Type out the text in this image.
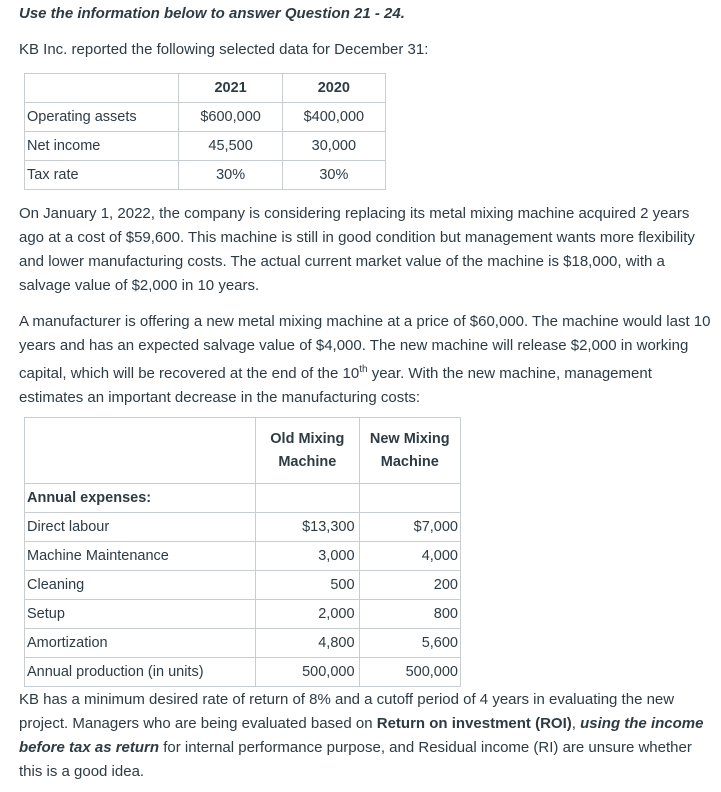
Use the information below to answer Question 21 - 24.
KB Inc. reported the following selected data for December 31:
	2021	2020
Operating assets	$600,000	$400,000
Net income	45,500	30,000
Tax rate	30%	30%

On January 1, 2022, the company is considering replacing its metal mixing machine acquired 2 years ago at a cost of $59,600. This machine is still in good condition but management wants more flexibility and lower manufacturing costs. The actual current market value of the machine is $18,000, with a salvage value of $2,000 in 10 years.

A manufacturer is offering a new metal mixing machine at a price of $60,000. The machine would last 10 years and has an expected salvage value of $4,000. The new machine will release $2,000 in working capital, which will be recovered at the end of the 10th year. With the new machine, management estimates an important decrease in the manufacturing costs:

	Old Mixing Machine	New Mixing Machine
Annual expenses:		
Direct labour	$13,300	$7,000
Machine Maintenance	3,000	4,000
Cleaning	500	200
Setup	2,000	800
Amortization	4,800	5,600
Annual production (in units)	500,000	500,000

KB has a minimum desired rate of return of 8% and a cutoff period of 4 years in evaluating the new project. Managers who are being evaluated based on Return on investment (ROI), using the income before tax as return for internal performance purpose, and Residual income (RI) are unsure whether this is a good idea.
